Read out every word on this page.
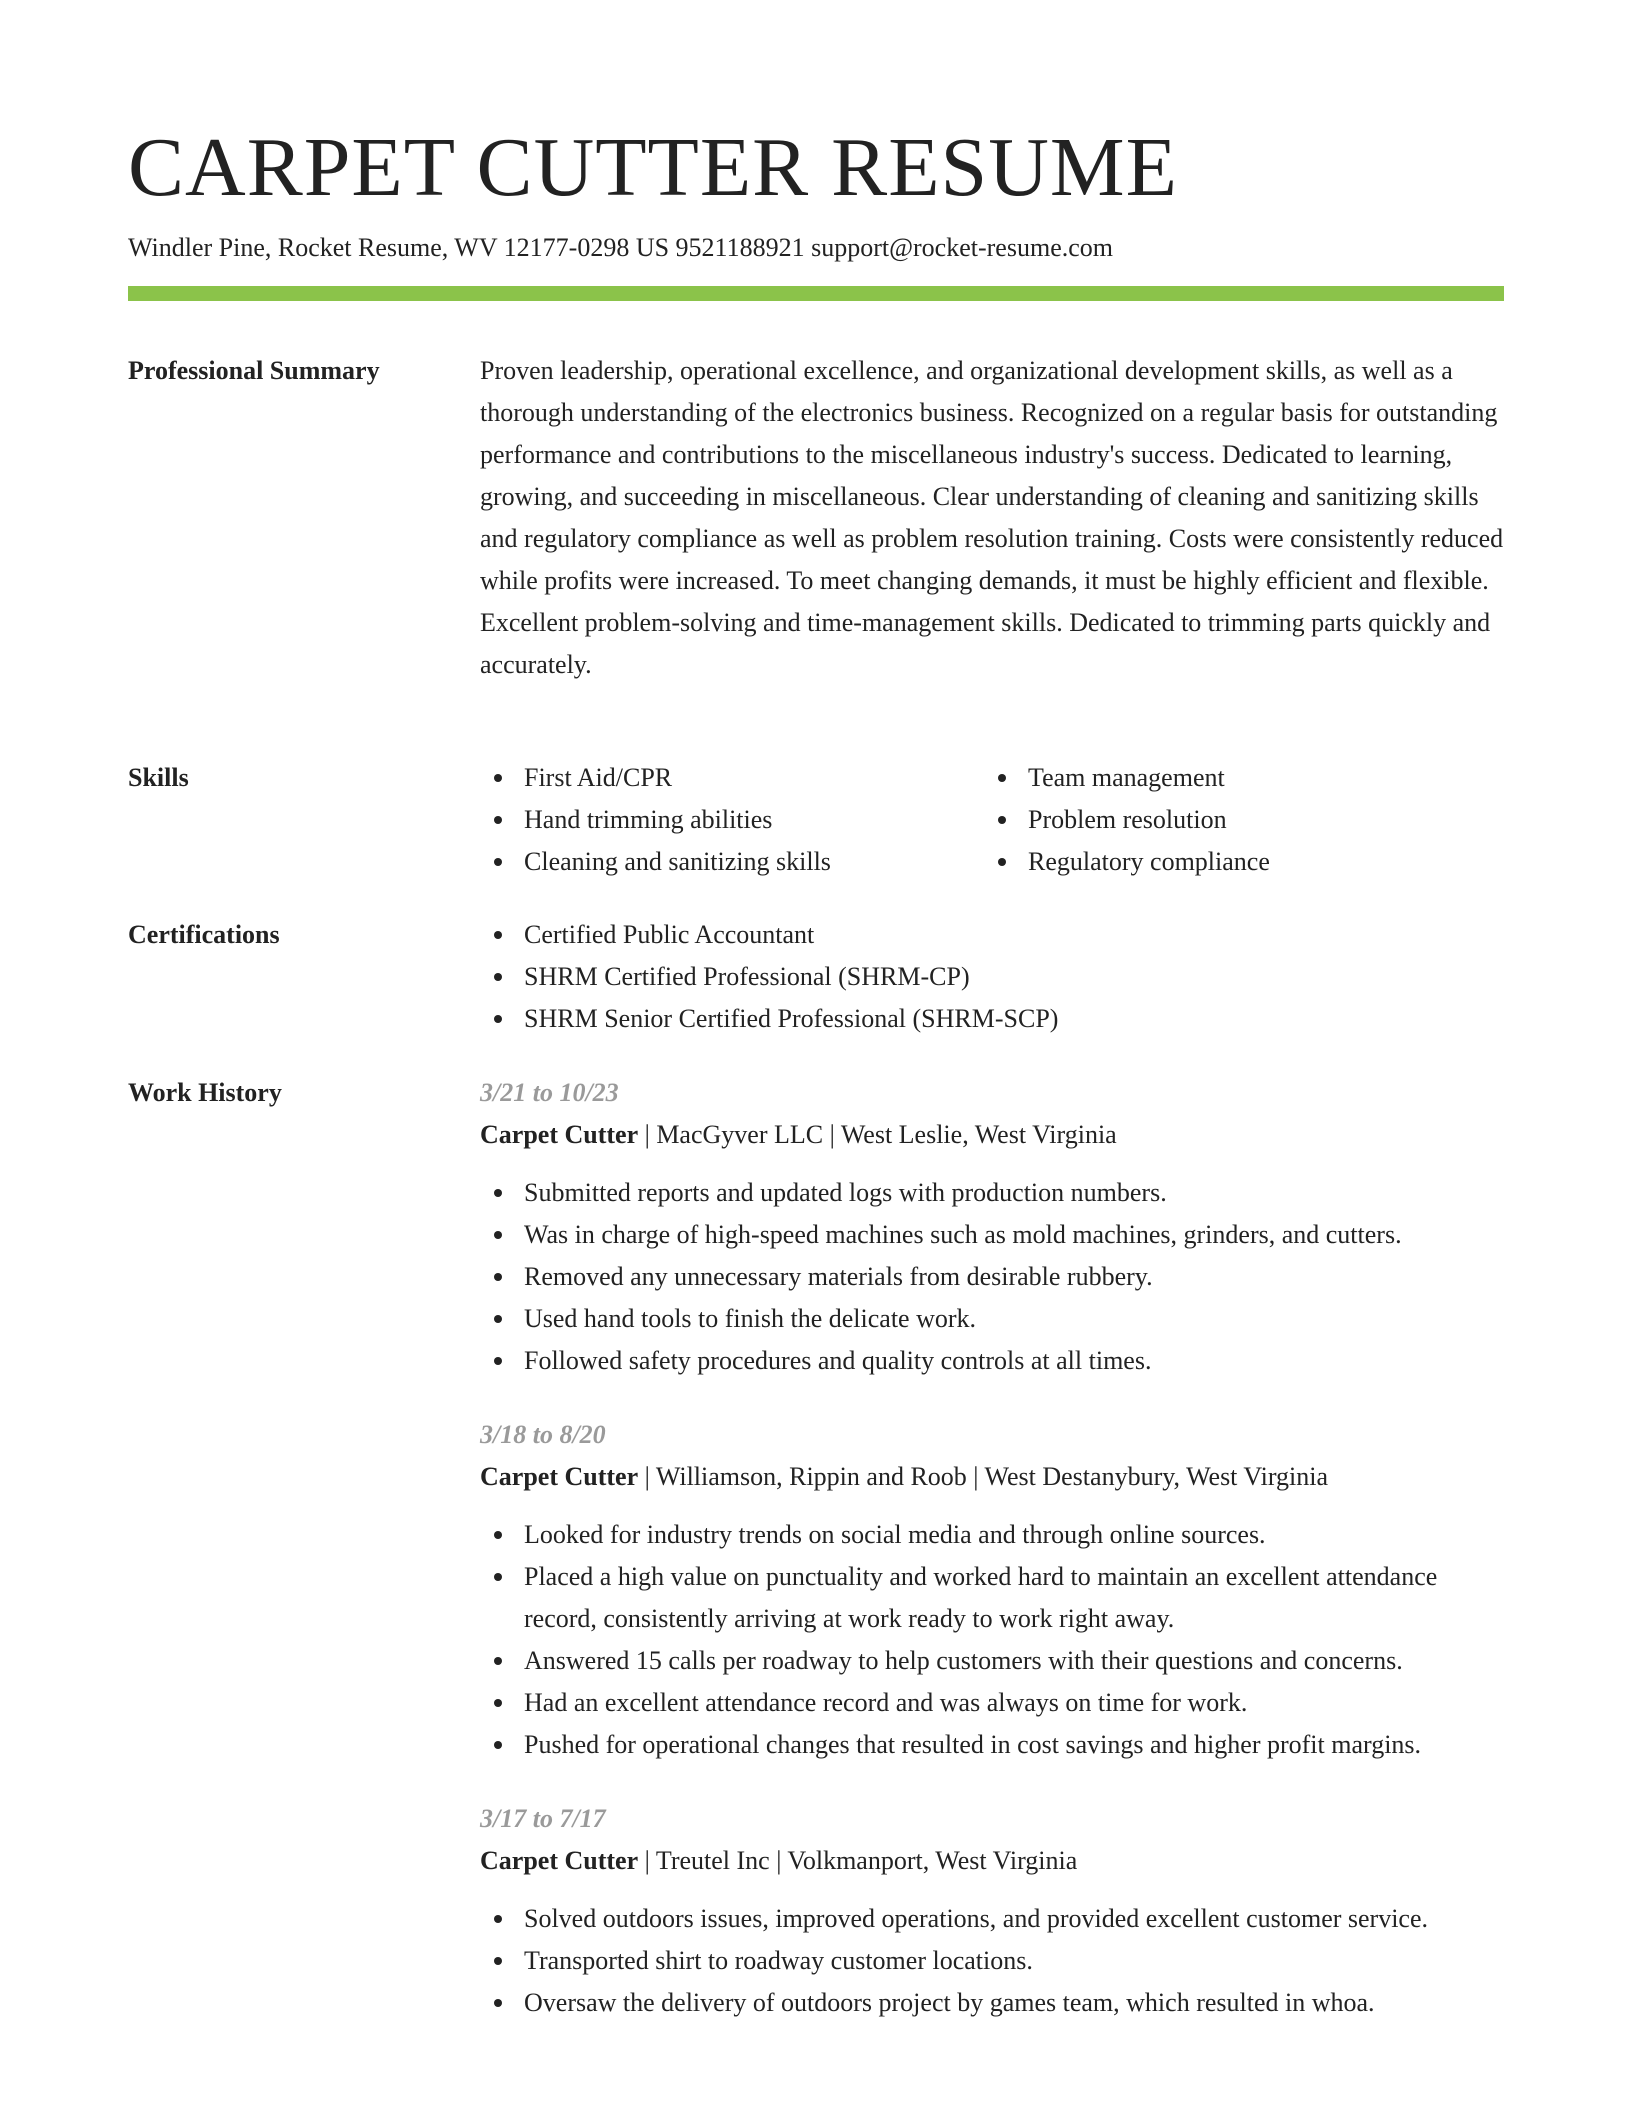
CARPET CUTTER RESUME
Windler Pine, Rocket Resume, WV 12177-0298 US 9521188921 support@rocket-resume.com
Professional Summary	Proven leadership, operational excellence, and organizational development skills, as well as a thorough understanding of the electronics business. Recognized on a regular basis for outstanding performance and contributions to the miscellaneous industry's success. Dedicated to learning, growing, and succeeding in miscellaneous. Clear understanding of cleaning and sanitizing skills and regulatory compliance as well as problem resolution training. Costs were consistently reduced while profits were increased. To meet changing demands, it must be highly efficient and flexible. Excellent problem-solving and time-management skills. Dedicated to trimming parts quickly and accurately.
Skills	First Aid/CPR
Hand trimming abilities
Cleaning and sanitizing skills
Team management
Problem resolution
Regulatory compliance
Certifications	Certified Public Accountant
SHRM Certified Professional (SHRM-CP)
SHRM Senior Certified Professional (SHRM-SCP)
Work History	3/21 to 10/23
Carpet Cutter | MacGyver LLC | West Leslie, West Virginia
Submitted reports and updated logs with production numbers.
Was in charge of high-speed machines such as mold machines, grinders, and cutters.
Removed any unnecessary materials from desirable rubbery.
Used hand tools to finish the delicate work.
Followed safety procedures and quality controls at all times.
3/18 to 8/20
Carpet Cutter | Williamson, Rippin and Roob | West Destanybury, West Virginia
Looked for industry trends on social media and through online sources.
Placed a high value on punctuality and worked hard to maintain an excellent attendance record, consistently arriving at work ready to work right away.
Answered 15 calls per roadway to help customers with their questions and concerns.
Had an excellent attendance record and was always on time for work.
Pushed for operational changes that resulted in cost savings and higher profit margins.
3/17 to 7/17
Carpet Cutter | Treutel Inc | Volkmanport, West Virginia
Solved outdoors issues, improved operations, and provided excellent customer service.
Transported shirt to roadway customer locations.
Oversaw the delivery of outdoors project by games team, which resulted in whoa.
